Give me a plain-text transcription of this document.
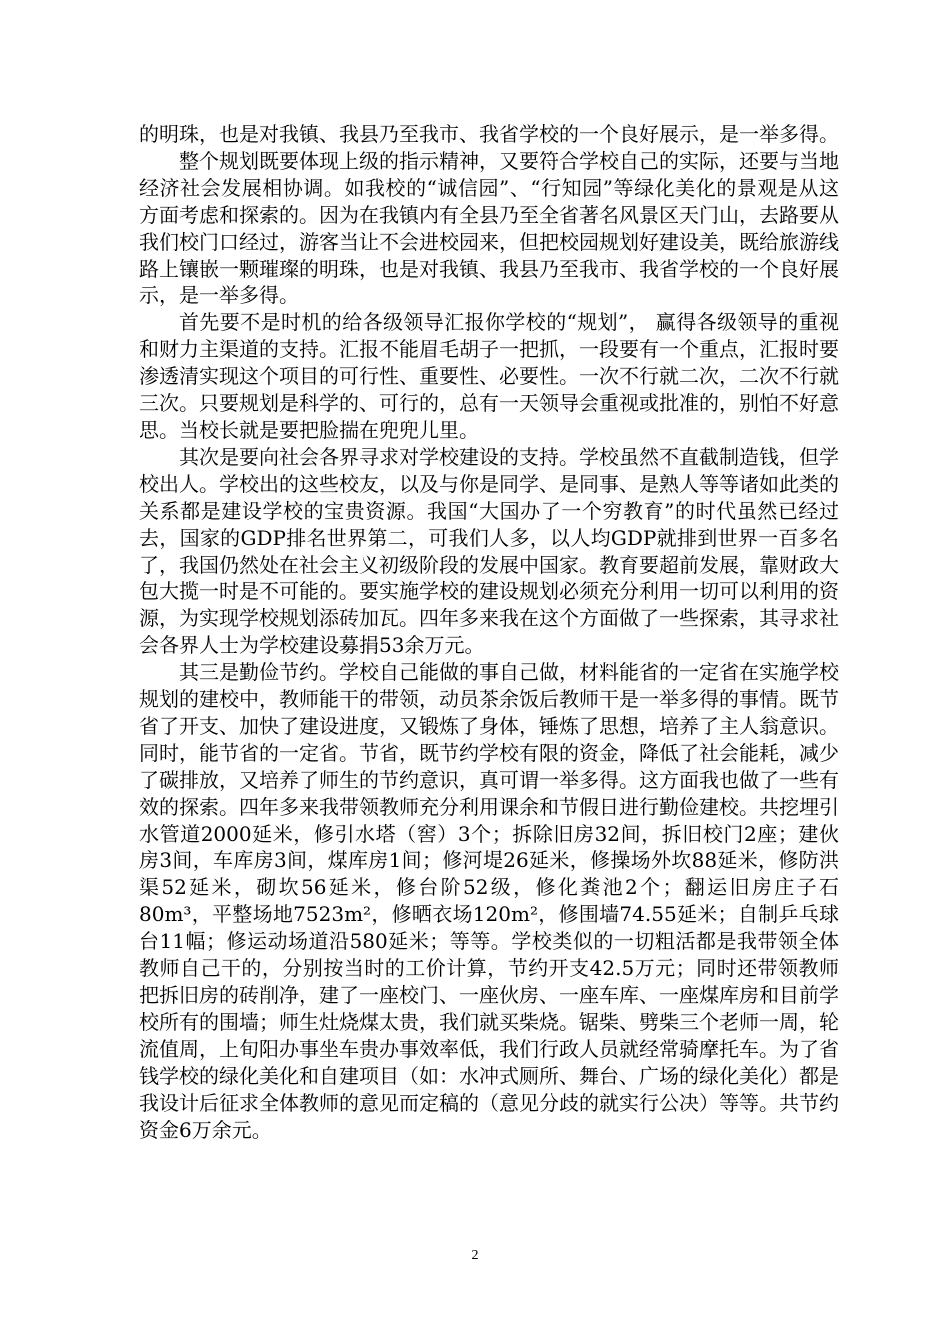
的明珠，也是对我镇、我县乃至我市、我省学校的一个良好展示，是一举多得。

整个规划既要体现上级的指示精神，又要符合学校自己的实际，还要与当地经济社会发展相协调。如我校的“诚信园”、“行知园”等绿化美化的景观是从这方面考虑和探索的。因为在我镇内有全县乃至全省著名风景区天门山，去路要从我们校门口经过，游客当让不会进校园来，但把校园规划好建设美，既给旅游线路上镶嵌一颗璀璨的明珠，也是对我镇、我县乃至我市、我省学校的一个良好展示，是一举多得。

首先要不是时机的给各级领导汇报你学校的“规划”， 赢得各级领导的重视和财力主渠道的支持。汇报不能眉毛胡子一把抓，一段要有一个重点，汇报时要渗透清实现这个项目的可行性、重要性、必要性。一次不行就二次，二次不行就三次。只要规划是科学的、可行的，总有一天领导会重视或批准的，别怕不好意思。当校长就是要把脸揣在兜兜儿里。

其次是要向社会各界寻求对学校建设的支持。学校虽然不直截制造钱，但学校出人。学校出的这些校友，以及与你是同学、是同事、是熟人等等诸如此类的关系都是建设学校的宝贵资源。我国“大国办了一个穷教育”的时代虽然已经过去，国家的GDP排名世界第二，可我们人多，以人均GDP就排到世界一百多名了，我国仍然处在社会主义初级阶段的发展中国家。教育要超前发展，靠财政大包大揽一时是不可能的。要实施学校的建设规划必须充分利用一切可以利用的资源，为实现学校规划添砖加瓦。四年多来我在这个方面做了一些探索，其寻求社会各界人士为学校建设募捐53余万元。

其三是勤俭节约。学校自己能做的事自己做，材料能省的一定省在实施学校规划的建校中，教师能干的带领，动员茶余饭后教师干是一举多得的事情。既节省了开支、加快了建设进度，又锻炼了身体，锤炼了思想，培养了主人翁意识。同时，能节省的一定省。节省，既节约学校有限的资金，降低了社会能耗，减少了碳排放，又培养了师生的节约意识，真可谓一举多得。这方面我也做了一些有效的探索。四年多来我带领教师充分利用课余和节假日进行勤俭建校。共挖埋引水管道2000延米，修引水塔（窖）3个；拆除旧房32间，拆旧校门2座；建伙房3间，车库房3间，煤库房1间；修河堤26延米，修操场外坎88延米，修防洪渠52延米，砌坎56延米，修台阶52级，修化粪池2个；翻运旧房庄子石80m³，平整场地7523m²，修晒衣场120m²，修围墙74.55延米；自制乒乓球台11幅；修运动场道沿580延米；等等。学校类似的一切粗活都是我带领全体教师自己干的，分别按当时的工价计算，节约开支42.5万元；同时还带领教师把拆旧房的砖削净，建了一座校门、一座伙房、一座车库、一座煤库房和目前学校所有的围墙；师生灶烧煤太贵，我们就买柴烧。锯柴、劈柴三个老师一周，轮流值周，上旬阳办事坐车贵办事效率低，我们行政人员就经常骑摩托车。为了省钱学校的绿化美化和自建项目（如：水冲式厕所、舞台、广场的绿化美化）都是我设计后征求全体教师的意见而定稿的（意见分歧的就实行公决）等等。共节约资金6万余元。

2
